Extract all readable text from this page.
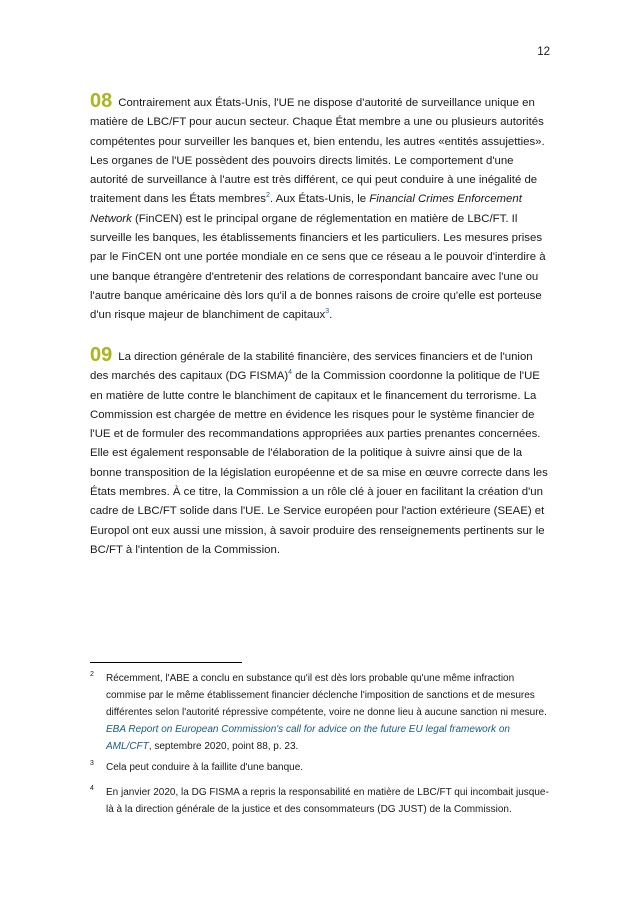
12

08 Contrairement aux États-Unis, l'UE ne dispose d'autorité de surveillance unique en matière de LBC/FT pour aucun secteur. Chaque État membre a une ou plusieurs autorités compétentes pour surveiller les banques et, bien entendu, les autres «entités assujetties». Les organes de l'UE possèdent des pouvoirs directs limités. Le comportement d'une autorité de surveillance à l'autre est très différent, ce qui peut conduire à une inégalité de traitement dans les États membres$^2$. Aux États-Unis, le Financial Crimes Enforcement Network (FinCEN) est le principal organe de réglementation en matière de LBC/FT. Il surveille les banques, les établissements financiers et les particuliers. Les mesures prises par le FinCEN ont une portée mondiale en ce sens que ce réseau a le pouvoir d'interdire à une banque étrangère d'entretenir des relations de correspondant bancaire avec l'une ou l'autre banque américaine dès lors qu'il a de bonnes raisons de croire qu'elle est porteuse d'un risque majeur de blanchiment de capitaux$^3$.

09 La direction générale de la stabilité financière, des services financiers et de l'union des marchés des capitaux (DG FISMA)$^4$ de la Commission coordonne la politique de l'UE en matière de lutte contre le blanchiment de capitaux et le financement du terrorisme. La Commission est chargée de mettre en évidence les risques pour le système financier de l'UE et de formuler des recommandations appropriées aux parties prenantes concernées. Elle est également responsable de l'élaboration de la politique à suivre ainsi que de la bonne transposition de la législation européenne et de sa mise en œuvre correcte dans les États membres. À ce titre, la Commission a un rôle clé à jouer en facilitant la création d'un cadre de LBC/FT solide dans l'UE. Le Service européen pour l'action extérieure (SEAE) et Europol ont eux aussi une mission, à savoir produire des renseignements pertinents sur le BC/FT à l'intention de la Commission.

2 Récemment, l'ABE a conclu en substance qu'il est dès lors probable qu'une même infraction commise par le même établissement financier déclenche l'imposition de sanctions et de mesures différentes selon l'autorité répressive compétente, voire ne donne lieu à aucune sanction ni mesure. EBA Report on European Commission's call for advice on the future EU legal framework on AML/CFT, septembre 2020, point 88, p. 23.
3 Cela peut conduire à la faillite d'une banque.
4 En janvier 2020, la DG FISMA a repris la responsabilité en matière de LBC/FT qui incombait jusque-là à la direction générale de la justice et des consommateurs (DG JUST) de la Commission.
